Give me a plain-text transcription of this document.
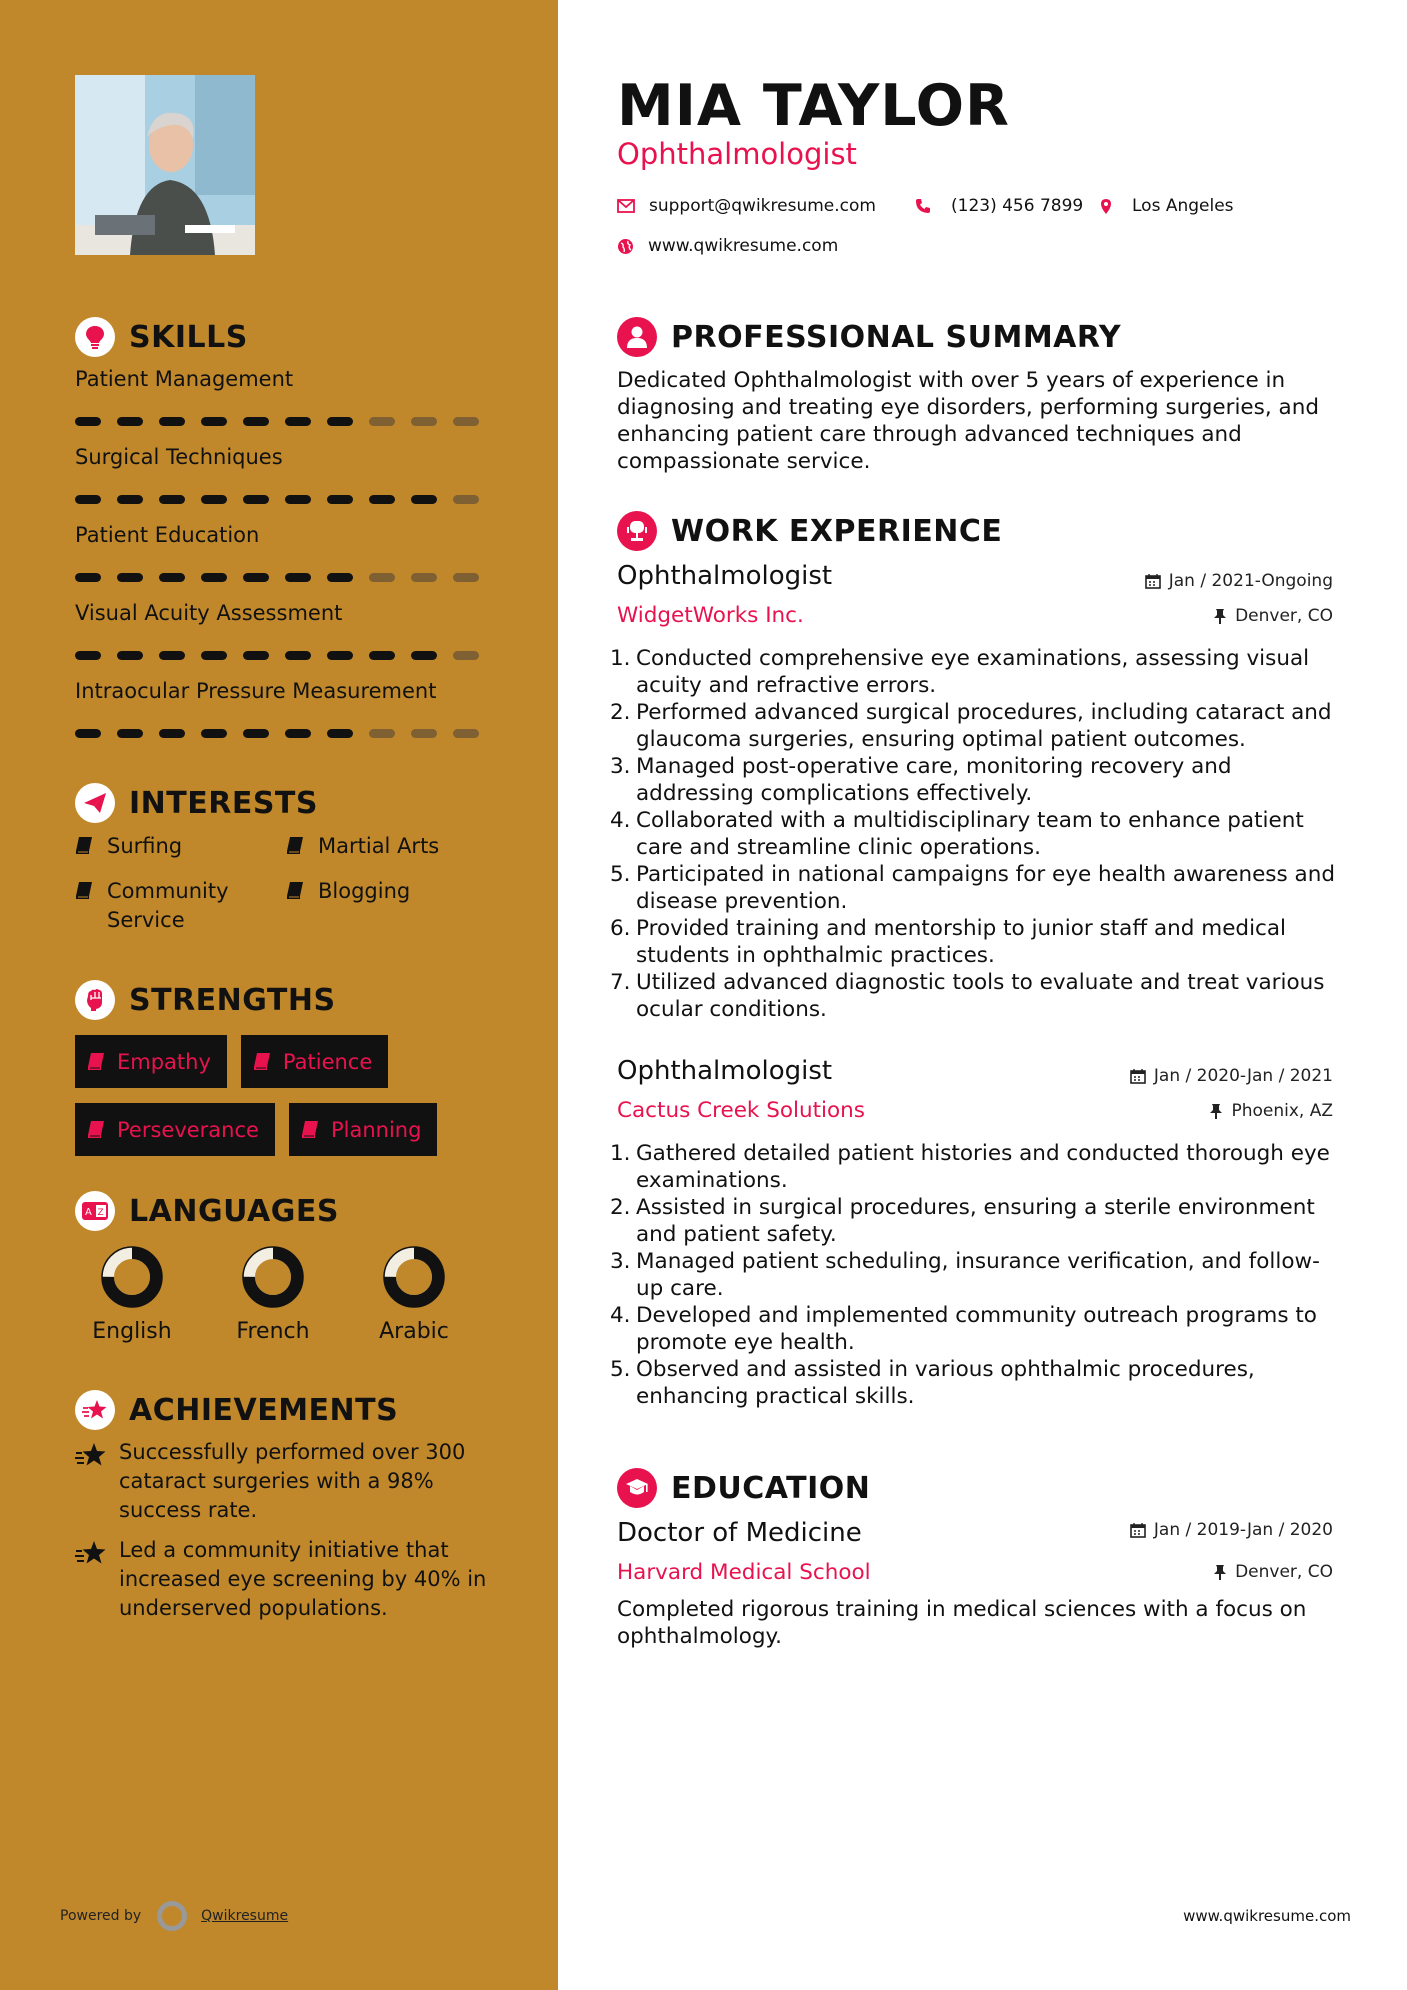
SKILLS
Patient Management
Surgical Techniques
Patient Education
Visual Acuity Assessment
Intraocular Pressure Measurement
INTERESTS
Surfing	Martial Arts
Community Service
Blogging
STRENGTHS
Empathy	Patience
Perseverance	Planning
A Z LANGUAGES
English	French	Arabic
ACHIEVEMENTS
Successfully performed over 300 cataract surgeries with a 98% success rate.
Led a community initiative that increased eye screening by 40% in underserved populations.
Powered by	Qwikresume
MIA TAYLOR
Ophthalmologist
support@qwikresume.com	(123) 456 7899	Los Angeles
www.qwikresume.com
PROFESSIONAL SUMMARY
Dedicated Ophthalmologist with over 5 years of experience in diagnosing and treating eye disorders, performing surgeries, and enhancing patient care through advanced techniques and compassionate service.
WORK EXPERIENCE
Ophthalmologist	Jan / 2021-Ongoing
WidgetWorks Inc.	Denver, CO
1. Conducted comprehensive eye examinations, assessing visual acuity and refractive errors.
2. Performed advanced surgical procedures, including cataract and glaucoma surgeries, ensuring optimal patient outcomes.
3. Managed post-operative care, monitoring recovery and addressing complications effectively.
4. Collaborated with a multidisciplinary team to enhance patient care and streamline clinic operations.
5. Participated in national campaigns for eye health awareness and disease prevention.
6. Provided training and mentorship to junior staff and medical students in ophthalmic practices.
7. Utilized advanced diagnostic tools to evaluate and treat various ocular conditions.
Ophthalmologist	Jan / 2020-Jan / 2021
Cactus Creek Solutions	Phoenix, AZ
1. Gathered detailed patient histories and conducted thorough eye examinations.
2. Assisted in surgical procedures, ensuring a sterile environment and patient safety.
3. Managed patient scheduling, insurance verification, and follow-up care.
4. Developed and implemented community outreach programs to promote eye health.
5. Observed and assisted in various ophthalmic procedures, enhancing practical skills.
EDUCATION
Doctor of Medicine	Jan / 2019-Jan / 2020
Harvard Medical School	Denver, CO
Completed rigorous training in medical sciences with a focus on ophthalmology.
www.qwikresume.com
